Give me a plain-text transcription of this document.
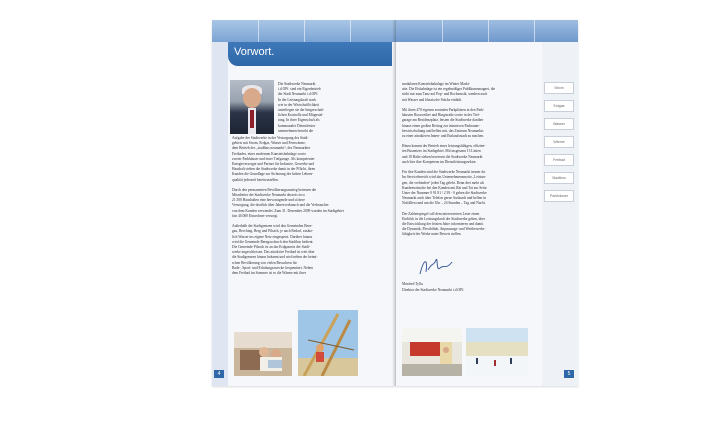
Vorwort.
Die Stadtwerke Neumarkt
i.d.OPf. sind ein Eigenbetrieb
der Stadt Neumarkt i.d.OPf.
In der Leistungskraft stark
wie in der Wirtschaftlichkeit
unterliegen sie der bürgerschaft-
lichen Kontrolle und Mitgestal-
tung. In ihrer Eigenschaft als
kommunaler Dienstleister
unternehmen besteht die
Aufgabe der Stadtwerke in der Versorgung des Stadt-
gebiets mit Strom, Erdgas, Wasser und Fernwärme,
dem Betrieb des „stadtbus neumarkt“, des Neumarkter
Freibades, einer modernen Kunsteisbahnlage sowie
zweier Parkhäuser und einer Tiefgarage. Als kompetenter
Energieversorger und Partner für Industrie, Gewerbe und
Haushalt stehen die Stadtwerke damit in der Pflicht, ihren
Kunden die Grundlage zur Sicherung der hohen Lebens-
qualität jederzeit bereitzustellen.
Durch den permanenten Bevölkerungsanstieg betreuen die
Mitarbeiter der Stadtwerke Neumarkt derzeit circa
21.500 Haushalten eine hervorragende und sichere
Versorgung, die deutlich über Jahresverbrauch und die Verbraucher
von dem Kunden verwendet. Zum 31. Dezember 2009 wurden im Stadtgebiet
fast 40.000 Einwohner versorgt.
Außerhalb der Stadtgrenzen wird den Gemeinden Bern-
gau, Berching, Berg und Pilsach, je nach Bedarf, zusätz-
lich Wasser ins eigene Netz eingespeist. Darüber hinaus
wird die Gemeinde Berngau durch den Stadtbus bedient.
Die Gemeinde Pilsach ist an das Erdgasnetz der Stadt-
werke angeschlossen. Das attraktive Freibad ist weit über
die Stadtgrenzen hinaus bekannt und wird neben der heimi-
schen Bevölkerung von vielen Besuchern für
Bade-, Sport- und Erholungszwecke frequentiert. Neben
dem Freibad im Sommer ist es die Wärme mit ihrer
4
modularen Kunsteisbahnlage im Winter Markt-
atte. Die Eisbahnlage ist ein regelmäßiger Publikumsmagnet, die
nicht nur zum Tanz auf Pop- und Rockmusik, sondern auch
mit Wasser und klassische Stücke einlädt.
Mit ihren 470 eigenen zentralen Parkplätzen in den Park-
häusern Rossweiher und Ringstraße sowie in der Tief-
garage am Residenzplatz, leisten die Stadtwerke darüber
hinaus einen großen Beitrag zur intensiven Parkraum-
bewirtschaftung und helfen mit, das Zentrum Neumarkts
zu einer attraktiven Innen- und Einkaufsstadt zu machen.
Hinzu kommt der Betrieb eines leistungsfähigen, effizien-
ten Busnetzes im Stadtgebiet. Mit insgesamt 13 Linien
und 18 Halte sieben bewiesen die Stadtwerke Neumarkt
auch hier ihre Kompetenz im Dienstleistungssektor.
Für ihre Kunden sind die Stadtwerke Neumarkt immer da.
Im Servicebereich wird das Unternehmensmotto „Leistun-
gen, die verbinden“ jeden Tag gelebt. Denn drei mehr als
Kundenwünsche bei den Kunden mit Rat und Tat zur Seite.
Unter der Nummer 0 91 81 / 2 39 - 0 gehen die Stadtwerke
Neumarkt auch über Telefon gerne Auskunft und helfen in
Notfällen rund um die Uhr – 24 Stunden – Tag und Nacht.
Der Zahlenspiegel soll dem interessierten Leser einen
Einblick in die Leistungskraft der Stadtwerke geben, über
die Entwicklung der letzten Jahre informieren und damit
die Dynamik, Flexibilität, Anpassungs- und Wettbewerbs-
fähigkeit der Werke unter Beweis stellen.
Manfred Tylla,
Direktor der Stadtwerke Neumarkt i.d.OPf.
Strom
Erdgas
Wasser
Wärme
Freibad
Stadtbus
Parkhäuser
5
